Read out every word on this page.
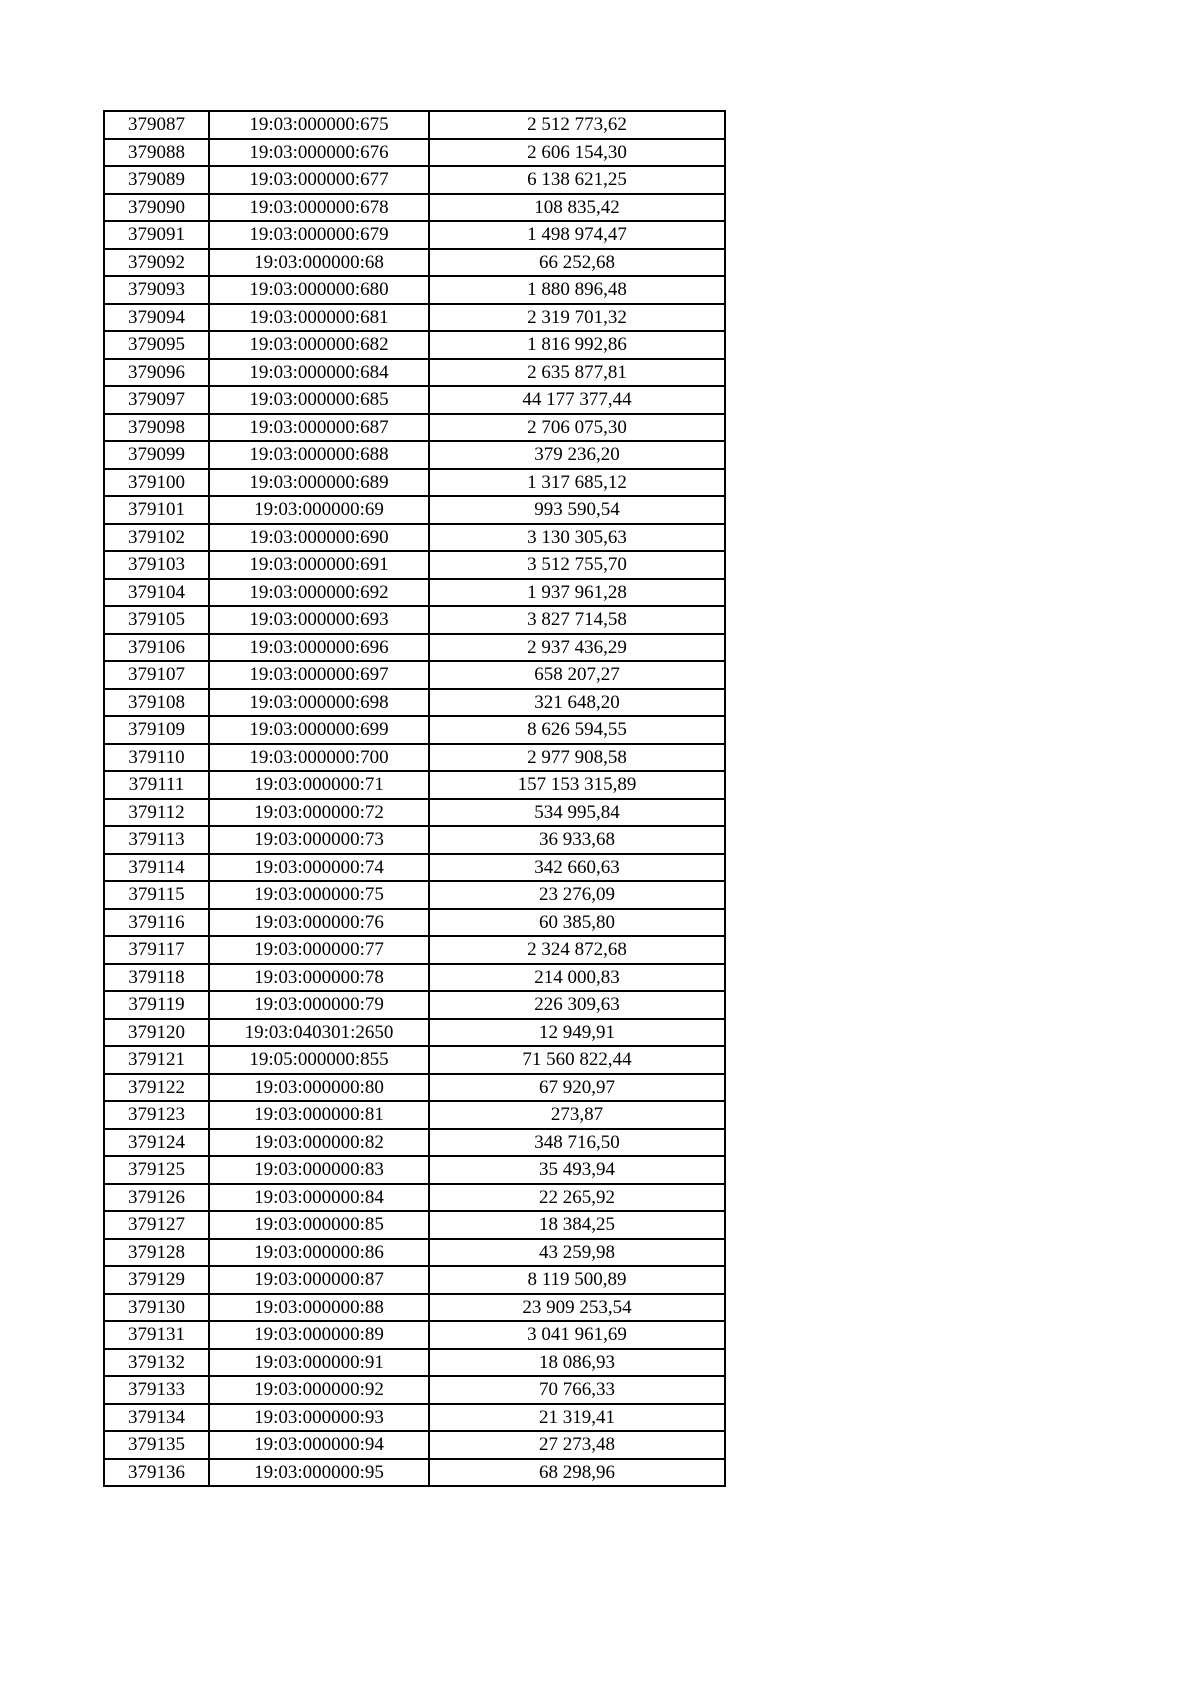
379087	19:03:000000:675	2 512 773,62
379088	19:03:000000:676	2 606 154,30
379089	19:03:000000:677	6 138 621,25
379090	19:03:000000:678	108 835,42
379091	19:03:000000:679	1 498 974,47
379092	19:03:000000:68	66 252,68
379093	19:03:000000:680	1 880 896,48
379094	19:03:000000:681	2 319 701,32
379095	19:03:000000:682	1 816 992,86
379096	19:03:000000:684	2 635 877,81
379097	19:03:000000:685	44 177 377,44
379098	19:03:000000:687	2 706 075,30
379099	19:03:000000:688	379 236,20
379100	19:03:000000:689	1 317 685,12
379101	19:03:000000:69	993 590,54
379102	19:03:000000:690	3 130 305,63
379103	19:03:000000:691	3 512 755,70
379104	19:03:000000:692	1 937 961,28
379105	19:03:000000:693	3 827 714,58
379106	19:03:000000:696	2 937 436,29
379107	19:03:000000:697	658 207,27
379108	19:03:000000:698	321 648,20
379109	19:03:000000:699	8 626 594,55
379110	19:03:000000:700	2 977 908,58
379111	19:03:000000:71	157 153 315,89
379112	19:03:000000:72	534 995,84
379113	19:03:000000:73	36 933,68
379114	19:03:000000:74	342 660,63
379115	19:03:000000:75	23 276,09
379116	19:03:000000:76	60 385,80
379117	19:03:000000:77	2 324 872,68
379118	19:03:000000:78	214 000,83
379119	19:03:000000:79	226 309,63
379120	19:03:040301:2650	12 949,91
379121	19:05:000000:855	71 560 822,44
379122	19:03:000000:80	67 920,97
379123	19:03:000000:81	273,87
379124	19:03:000000:82	348 716,50
379125	19:03:000000:83	35 493,94
379126	19:03:000000:84	22 265,92
379127	19:03:000000:85	18 384,25
379128	19:03:000000:86	43 259,98
379129	19:03:000000:87	8 119 500,89
379130	19:03:000000:88	23 909 253,54
379131	19:03:000000:89	3 041 961,69
379132	19:03:000000:91	18 086,93
379133	19:03:000000:92	70 766,33
379134	19:03:000000:93	21 319,41
379135	19:03:000000:94	27 273,48
379136	19:03:000000:95	68 298,96
